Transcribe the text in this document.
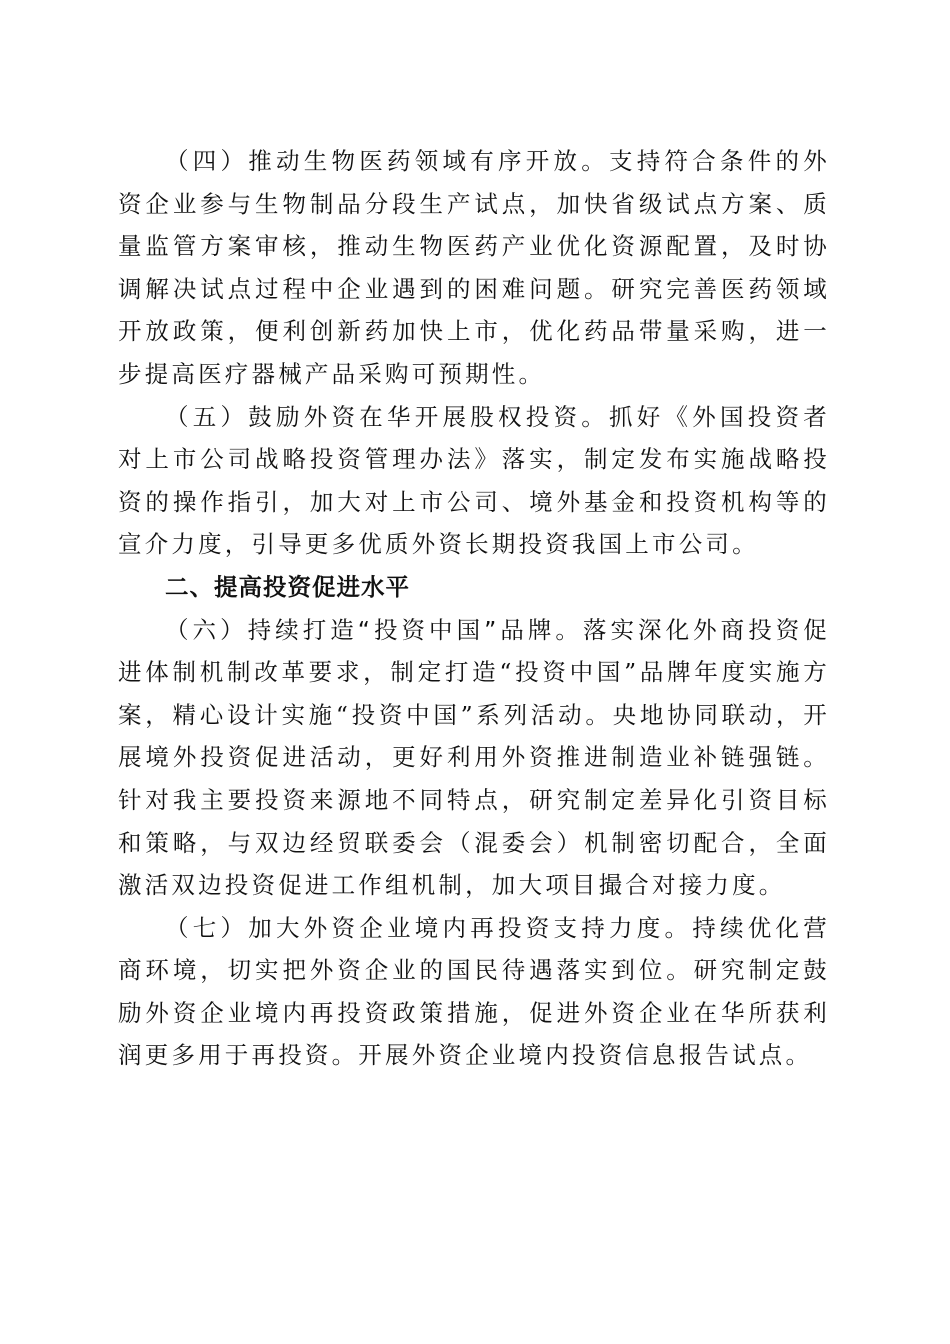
（四）推动生物医药领域有序开放。支持符合条件的外资企业参与生物制品分段生产试点，加快省级试点方案、质量监管方案审核，推动生物医药产业优化资源配置，及时协调解决试点过程中企业遇到的困难问题。研究完善医药领域开放政策，便利创新药加快上市，优化药品带量采购，进一步提高医疗器械产品采购可预期性。

（五）鼓励外资在华开展股权投资。抓好《外国投资者对上市公司战略投资管理办法》落实，制定发布实施战略投资的操作指引，加大对上市公司、境外基金和投资机构等的宣介力度，引导更多优质外资长期投资我国上市公司。

二、提高投资促进水平

（六）持续打造“投资中国”品牌。落实深化外商投资促进体制机制改革要求，制定打造“投资中国”品牌年度实施方案，精心设计实施“投资中国”系列活动。央地协同联动，开展境外投资促进活动，更好利用外资推进制造业补链强链。针对我主要投资来源地不同特点，研究制定差异化引资目标和策略，与双边经贸联委会（混委会）机制密切配合，全面激活双边投资促进工作组机制，加大项目撮合对接力度。

（七）加大外资企业境内再投资支持力度。持续优化营商环境，切实把外资企业的国民待遇落实到位。研究制定鼓励外资企业境内再投资政策措施，促进外资企业在华所获利润更多用于再投资。开展外资企业境内投资信息报告试点。
